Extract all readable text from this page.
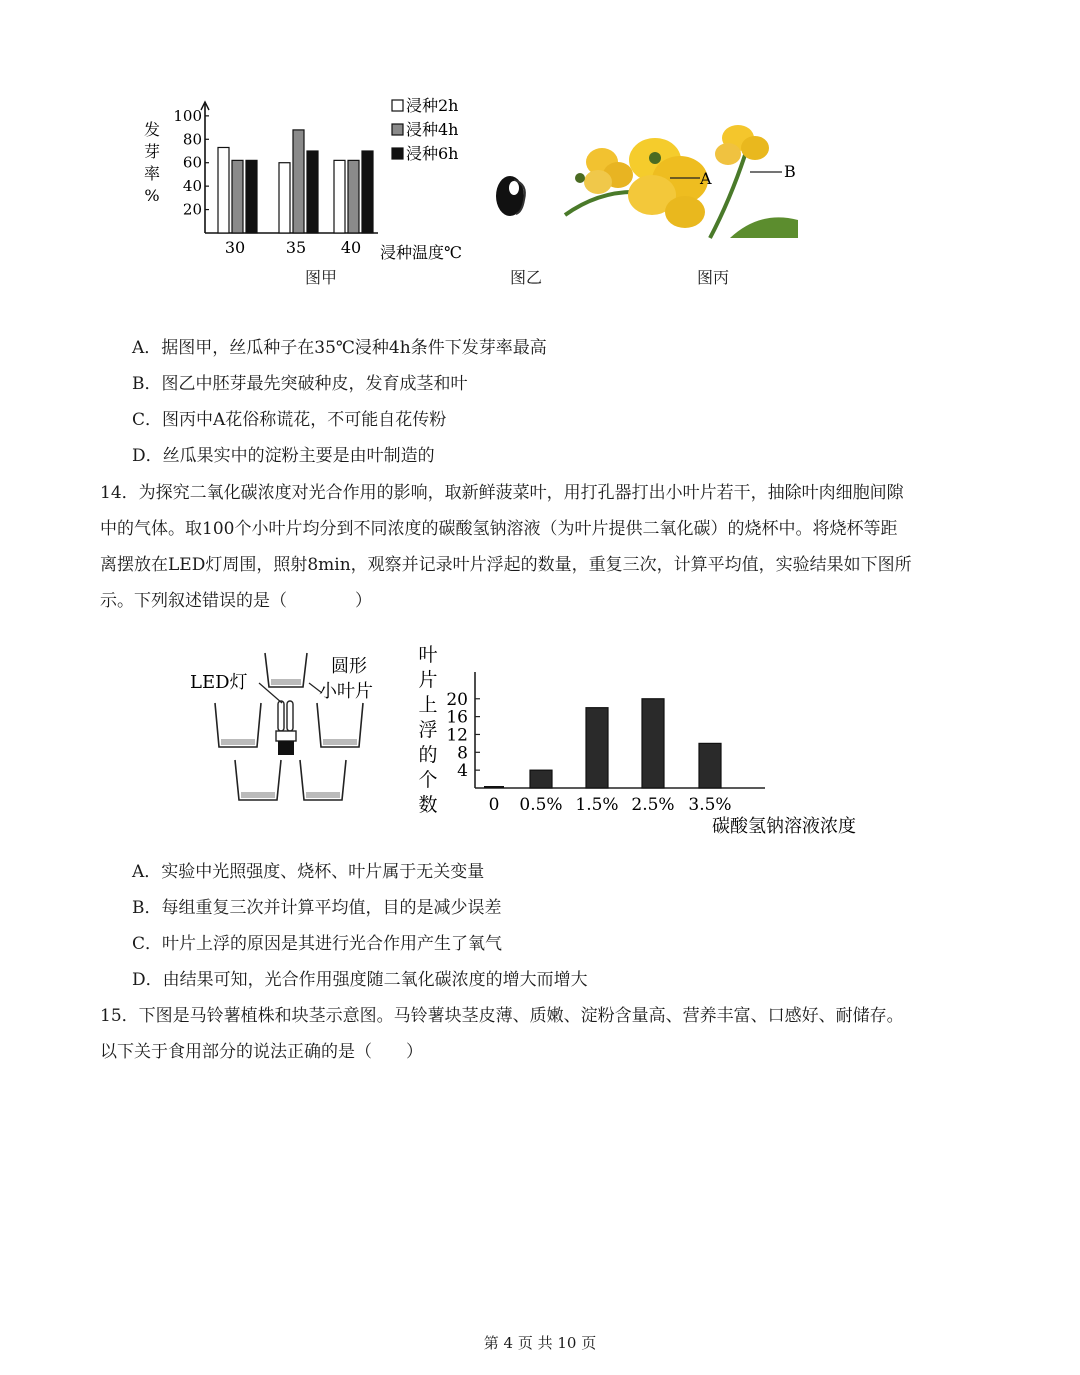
发
芽
率
%
20
40
60
80
100
30	35 40
浸种2h
浸种4h
浸种6h
浸种温度℃
图甲	图乙
A	B
图丙
A．据图甲，丝瓜种子在35℃浸种4h条件下发芽率最高
B．图乙中胚芽最先突破种皮，发育成茎和叶
C．图丙中A花俗称谎花，不可能自花传粉
D．丝瓜果实中的淀粉主要是由叶制造的
14．为探究二氧化碳浓度对光合作用的影响，取新鲜菠菜叶，用打孔器打出小叶片若干，抽除叶肉细胞间隙
中的气体。取100个小叶片均分到不同浓度的碳酸氢钠溶液（为叶片提供二氧化碳）的烧杯中。将烧杯等距
离摆放在LED灯周围，照射8min，观察并记录叶片浮起的数量，重复三次，计算平均值，实验结果如下图所
示。下列叙述错误的是（　　　　）
LED灯
圆形
小叶片
叶
片
上
浮
的
个
数
4
8
12
16
20
0 0.5% 1.5% 2.5% 3.5%
碳酸氢钠溶液浓度
A．实验中光照强度、烧杯、叶片属于无关变量
B．每组重复三次并计算平均值，目的是减少误差
C．叶片上浮的原因是其进行光合作用产生了氧气
D．由结果可知，光合作用强度随二氧化碳浓度的增大而增大
15．下图是马铃薯植株和块茎示意图。马铃薯块茎皮薄、质嫩、淀粉含量高、营养丰富、口感好、耐储存。
以下关于食用部分的说法正确的是（　　）
第 4 页 共 10 页
